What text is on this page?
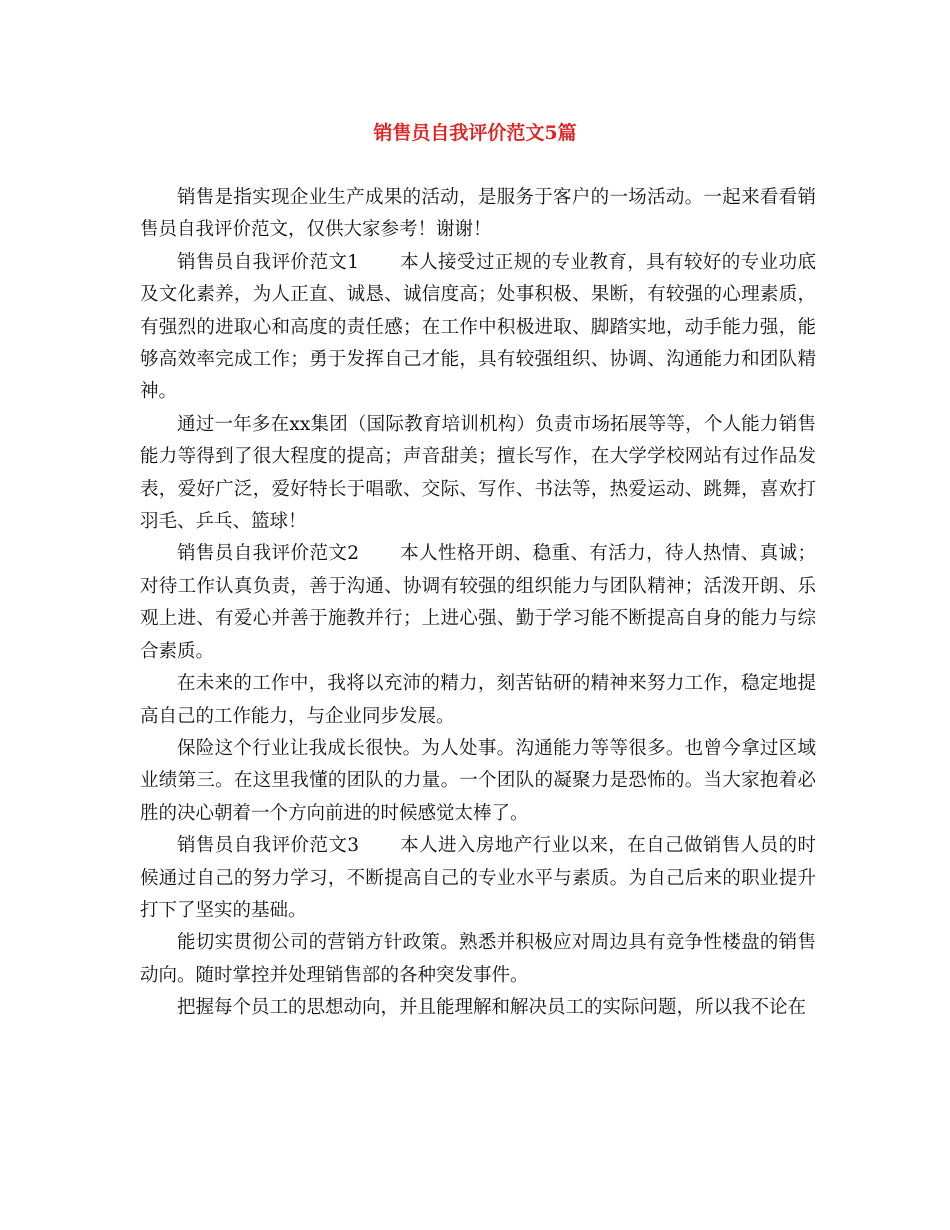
销售员自我评价范文5篇

销售是指实现企业生产成果的活动，是服务于客户的一场活动。一起来看看销售员自我评价范文，仅供大家参考！谢谢！

销售员自我评价范文1 本人接受过正规的专业教育，具有较好的专业功底及文化素养，为人正直、诚恳、诚信度高；处事积极、果断，有较强的心理素质，有强烈的进取心和高度的责任感；在工作中积极进取、脚踏实地，动手能力强，能够高效率完成工作；勇于发挥自己才能，具有较强组织、协调、沟通能力和团队精神。

通过一年多在xx集团（国际教育培训机构）负责市场拓展等等，个人能力销售能力等得到了很大程度的提高；声音甜美；擅长写作，在大学学校网站有过作品发表，爱好广泛，爱好特长于唱歌、交际、写作、书法等，热爱运动、跳舞，喜欢打羽毛、乒乓、篮球！

销售员自我评价范文2 本人性格开朗、稳重、有活力，待人热情、真诚；对待工作认真负责，善于沟通、协调有较强的组织能力与团队精神；活泼开朗、乐观上进、有爱心并善于施教并行；上进心强、勤于学习能不断提高自身的能力与综合素质。

在未来的工作中，我将以充沛的精力，刻苦钻研的精神来努力工作，稳定地提高自己的工作能力，与企业同步发展。

保险这个行业让我成长很快。为人处事。沟通能力等等很多。也曾今拿过区域业绩第三。在这里我懂的团队的力量。一个团队的凝聚力是恐怖的。当大家抱着必胜的决心朝着一个方向前进的时候感觉太棒了。

销售员自我评价范文3 本人进入房地产行业以来，在自己做销售人员的时候通过自己的努力学习，不断提高自己的专业水平与素质。为自己后来的职业提升打下了坚实的基础。

能切实贯彻公司的营销方针政策。熟悉并积极应对周边具有竞争性楼盘的销售动向。随时掌控并处理销售部的各种突发事件。

把握每个员工的思想动向，并且能理解和解决员工的实际问题，所以我不论在
